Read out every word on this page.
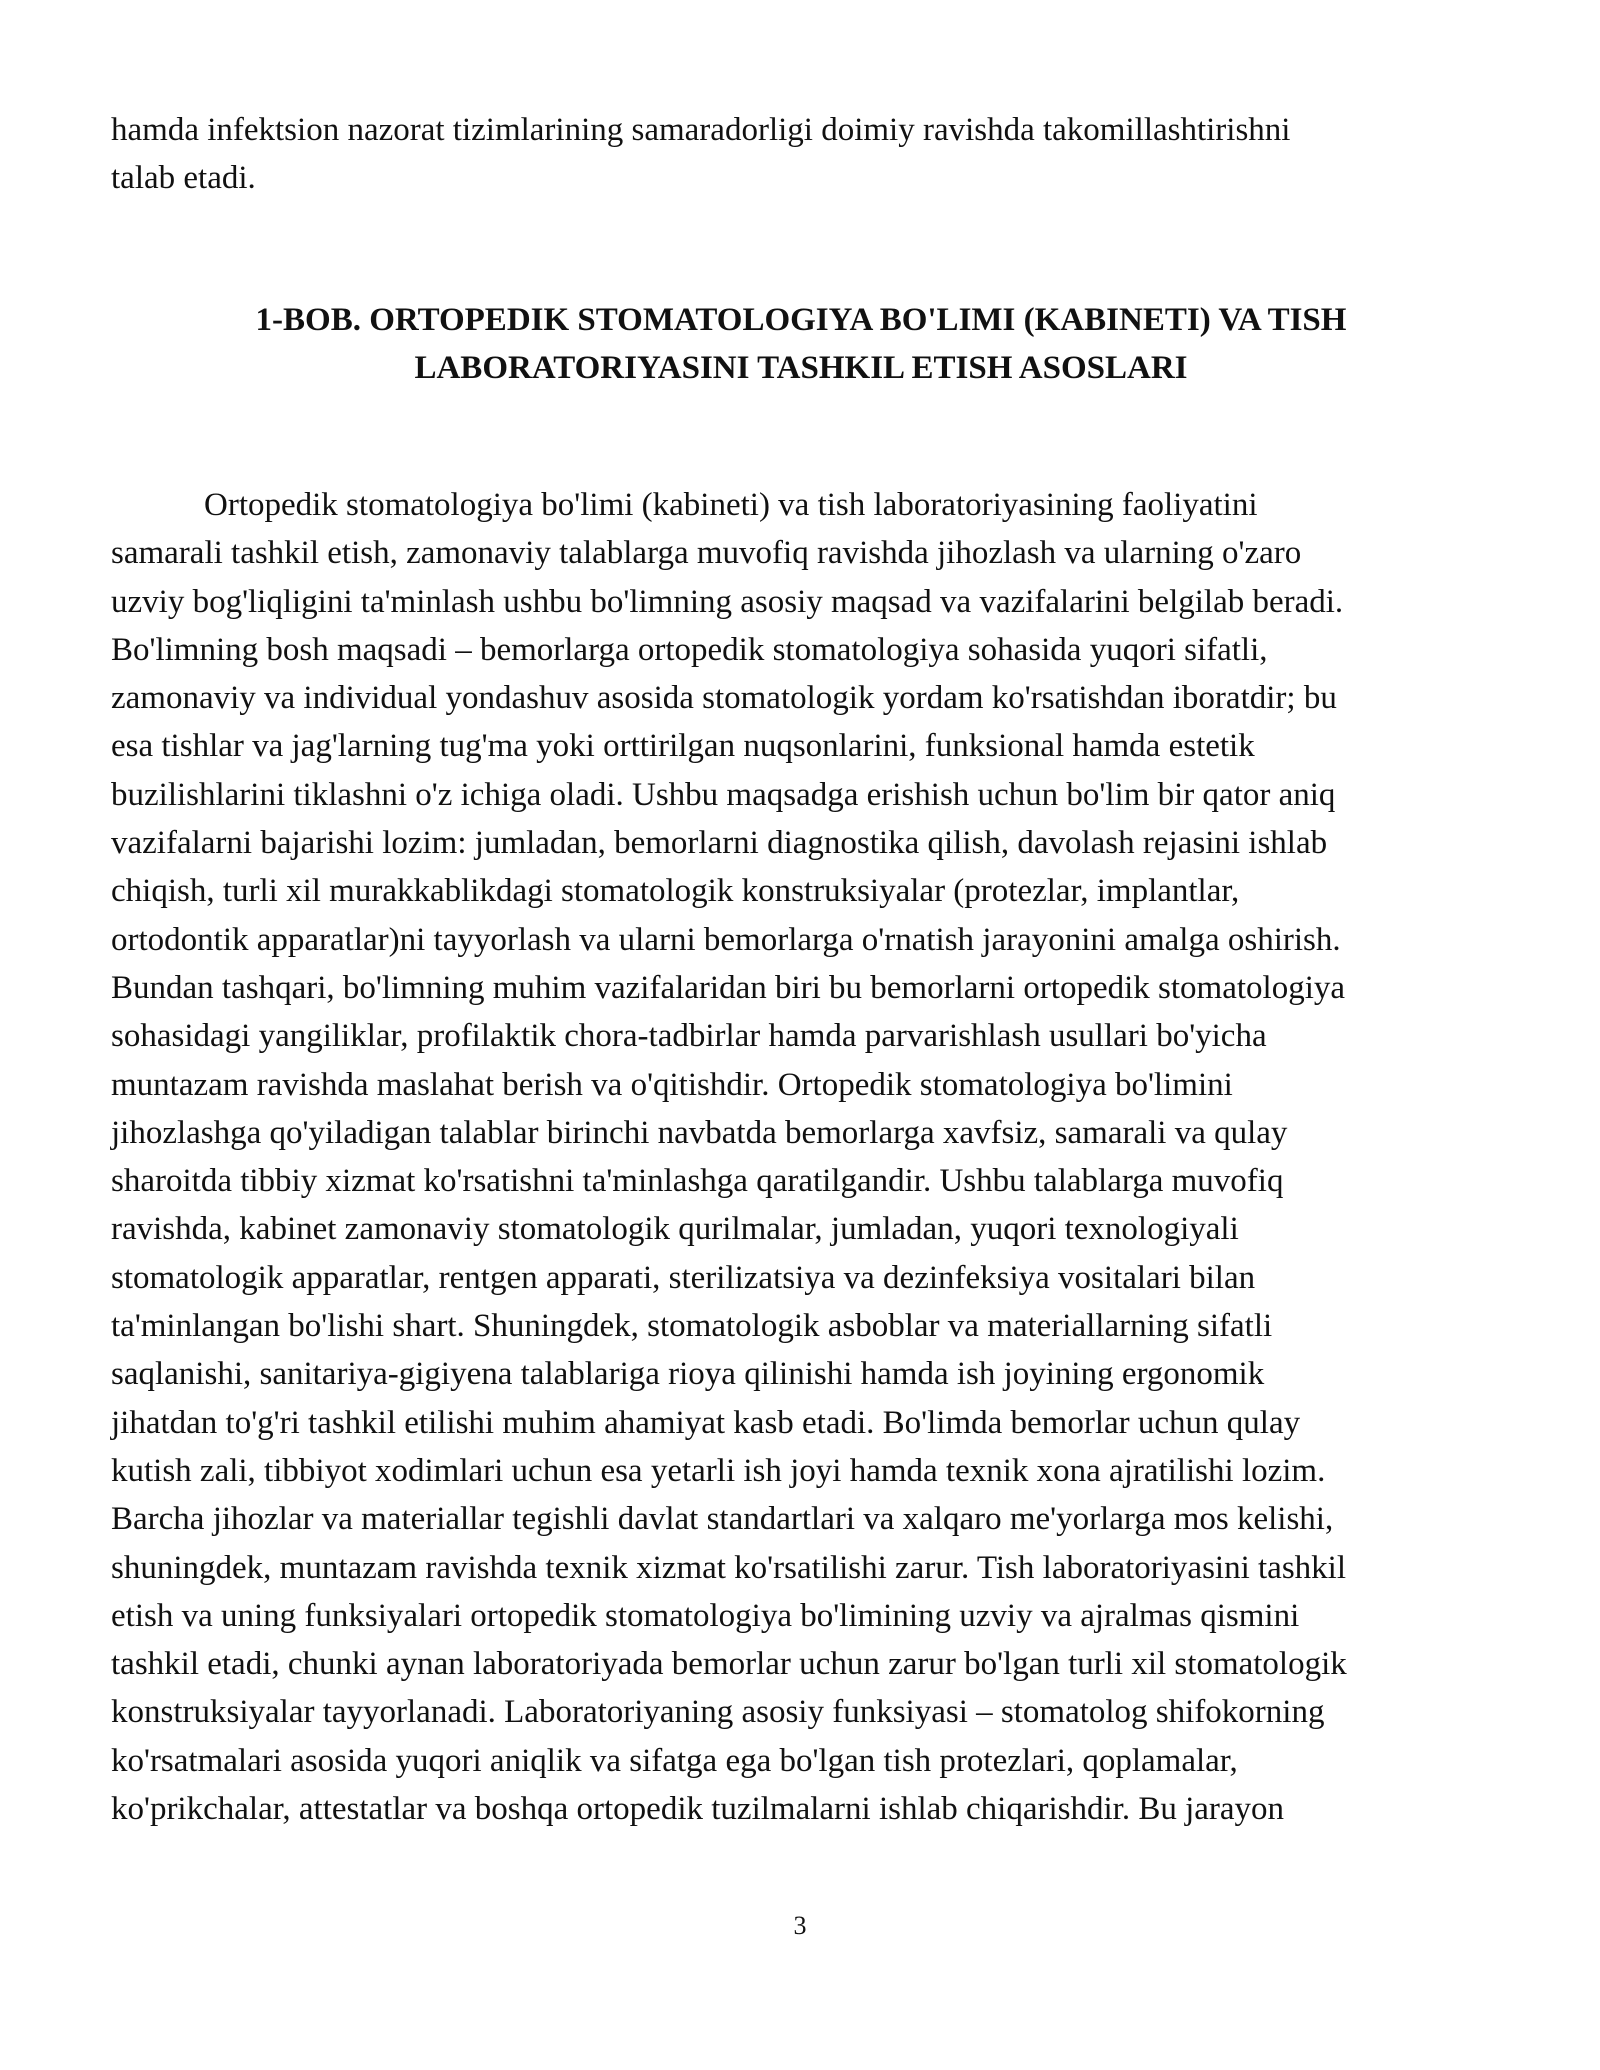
hamda infektsion nazorat tizimlarining samaradorligi doimiy ravishda takomillashtirishni
talab etadi.

1-BOB. ORTOPEDIK STOMATOLOGIYA BO'LIMI (KABINETI) VA TISH
LABORATORIYASINI TASHKIL ETISH ASOSLARI

Ortopedik stomatologiya bo'limi (kabineti) va tish laboratoriyasining faoliyatini
samarali tashkil etish, zamonaviy talablarga muvofiq ravishda jihozlash va ularning o'zaro
uzviy bog'liqligini ta'minlash ushbu bo'limning asosiy maqsad va vazifalarini belgilab beradi.
Bo'limning bosh maqsadi – bemorlarga ortopedik stomatologiya sohasida yuqori sifatli,
zamonaviy va individual yondashuv asosida stomatologik yordam ko'rsatishdan iboratdir; bu
esa tishlar va jag'larning tug'ma yoki orttirilgan nuqsonlarini, funksional hamda estetik
buzilishlarini tiklashni o'z ichiga oladi. Ushbu maqsadga erishish uchun bo'lim bir qator aniq
vazifalarni bajarishi lozim: jumladan, bemorlarni diagnostika qilish, davolash rejasini ishlab
chiqish, turli xil murakkablikdagi stomatologik konstruksiyalar (protezlar, implantlar,
ortodontik apparatlar)ni tayyorlash va ularni bemorlarga o'rnatish jarayonini amalga oshirish.
Bundan tashqari, bo'limning muhim vazifalaridan biri bu bemorlarni ortopedik stomatologiya
sohasidagi yangiliklar, profilaktik chora-tadbirlar hamda parvarishlash usullari bo'yicha
muntazam ravishda maslahat berish va o'qitishdir. Ortopedik stomatologiya bo'limini
jihozlashga qo'yiladigan talablar birinchi navbatda bemorlarga xavfsiz, samarali va qulay
sharoitda tibbiy xizmat ko'rsatishni ta'minlashga qaratilgandir. Ushbu talablarga muvofiq
ravishda, kabinet zamonaviy stomatologik qurilmalar, jumladan, yuqori texnologiyali
stomatologik apparatlar, rentgen apparati, sterilizatsiya va dezinfeksiya vositalari bilan
ta'minlangan bo'lishi shart. Shuningdek, stomatologik asboblar va materiallarning sifatli
saqlanishi, sanitariya-gigiyena talablariga rioya qilinishi hamda ish joyining ergonomik
jihatdan to'g'ri tashkil etilishi muhim ahamiyat kasb etadi. Bo'limda bemorlar uchun qulay
kutish zali, tibbiyot xodimlari uchun esa yetarli ish joyi hamda texnik xona ajratilishi lozim.
Barcha jihozlar va materiallar tegishli davlat standartlari va xalqaro me'yorlarga mos kelishi,
shuningdek, muntazam ravishda texnik xizmat ko'rsatilishi zarur. Tish laboratoriyasini tashkil
etish va uning funksiyalari ortopedik stomatologiya bo'limining uzviy va ajralmas qismini
tashkil etadi, chunki aynan laboratoriyada bemorlar uchun zarur bo'lgan turli xil stomatologik
konstruksiyalar tayyorlanadi. Laboratoriyaning asosiy funksiyasi – stomatolog shifokorning
ko'rsatmalari asosida yuqori aniqlik va sifatga ega bo'lgan tish protezlari, qoplamalar,
ko'prikchalar, attestatlar va boshqa ortopedik tuzilmalarni ishlab chiqarishdir. Bu jarayon

3
